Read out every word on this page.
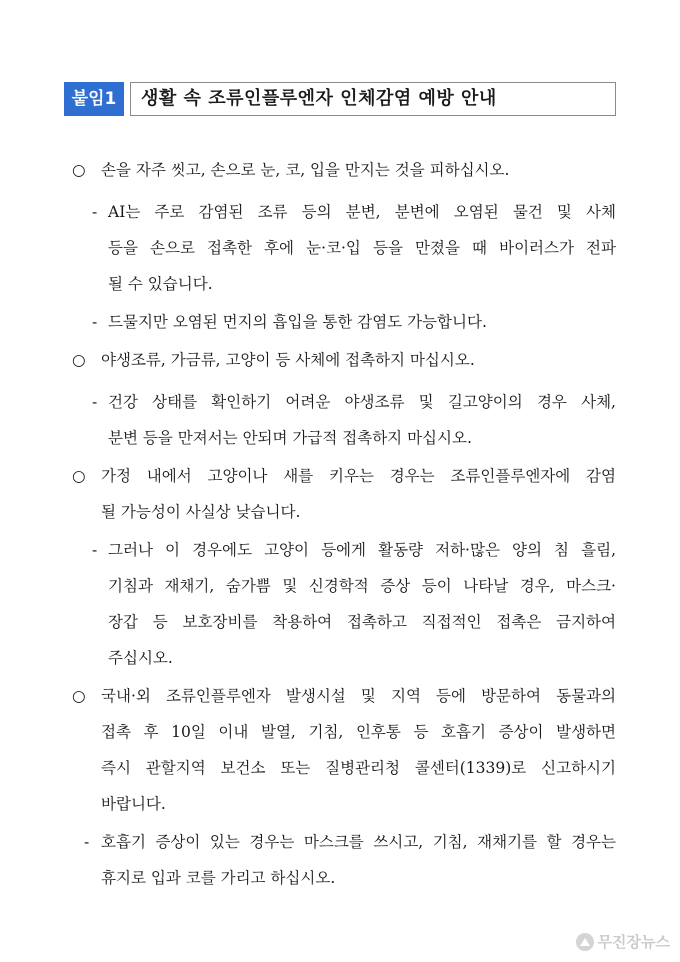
붙임1	생활 속 조류인플루엔자 인체감염 예방 안내
○ 손을 자주 씻고, 손으로 눈, 코, 입을 만지는 것을 피하십시오.
- AI는 주로 감염된 조류 등의 분변, 분변에 오염된 물건 및 사체
등을 손으로 접촉한 후에 눈·코·입 등을 만졌을 때 바이러스가 전파
될 수 있습니다.
- 드물지만 오염된 먼지의 흡입을 통한 감염도 가능합니다.
○ 야생조류, 가금류, 고양이 등 사체에 접촉하지 마십시오.
- 건강 상태를 확인하기 어려운 야생조류 및 길고양이의 경우 사체,
분변 등을 만져서는 안되며 가급적 접촉하지 마십시오.
○ 가정 내에서 고양이나 새를 키우는 경우는 조류인플루엔자에 감염
될 가능성이 사실상 낮습니다.
- 그러나 이 경우에도 고양이 등에게 활동량 저하·많은 양의 침 흘림,
기침과 재채기, 숨가쁨 및 신경학적 증상 등이 나타날 경우, 마스크·
장갑 등 보호장비를 착용하여 접촉하고 직접적인 접촉은 금지하여
주십시오.
○ 국내·외 조류인플루엔자 발생시설 및 지역 등에 방문하여 동물과의
접촉 후 10일 이내 발열, 기침, 인후통 등 호흡기 증상이 발생하면
즉시 관할지역 보건소 또는 질병관리청 콜센터(1339)로 신고하시기
바랍니다.
- 호흡기 증상이 있는 경우는 마스크를 쓰시고, 기침, 재채기를 할 경우는
휴지로 입과 코를 가리고 하십시오.
무진장뉴스
